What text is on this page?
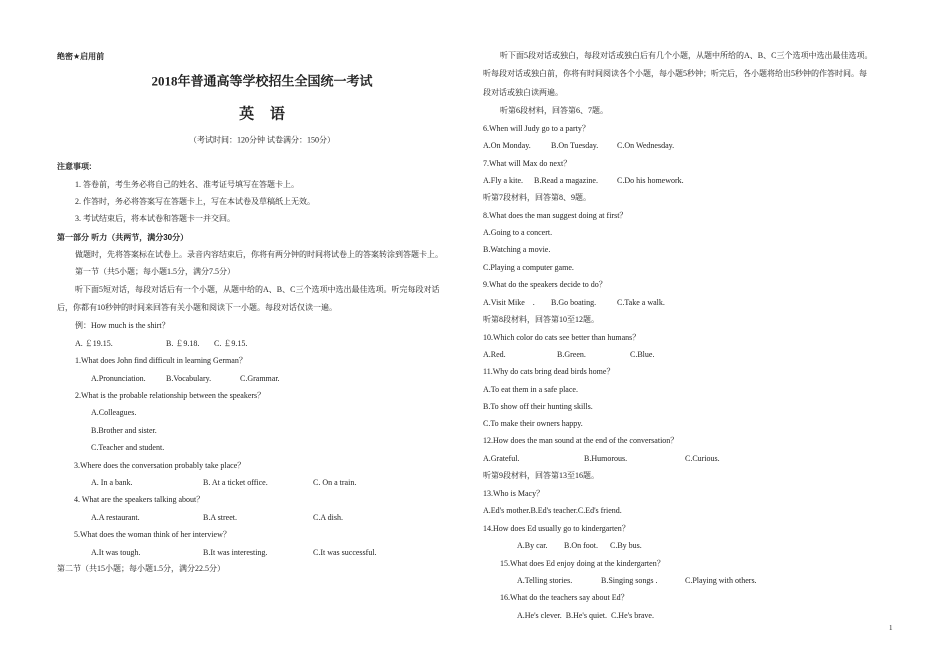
绝密★启用前
2018年普通高等学校招生全国统一考试
英 语
（考试时间：120分钟 试卷满分：150分）
注意事项:
1. 答卷前，考生务必将自己的姓名、准考证号填写在答题卡上。
2. 作答时，务必将答案写在答题卡上，写在本试卷及草稿纸上无效。
3. 考试结束后，将本试卷和答题卡一并交回。
第一部分 听力（共两节，满分30分）
做题时，先将答案标在试卷上。录音内容结束后，你将有两分钟的时间将试卷上的答案转涂到答题卡上。
第一节（共5小题；每小题1.5分，满分7.5分）
听下面5短对话，每段对话后有一个小题，从题中给的A、B、C三个选项中选出最佳选项。听完每段对话
后，你都有10秒钟的时间来回答有关小题和阅读下一小题。每段对话仅读一遍。
例：How much is the shirt？
A. ￡19.15.	B. ￡9.18. C. ￡9.15.
1.What does John find difficult in learning German？
A.Pronunciation.	B.Vocabulary.	C.Grammar.
2.What is the probable relationship between the speakers？
A.Colleagues.
B.Brother and sister.
C.Teacher and student.
3.Where does the conversation probably take place？
A. In a bank.	B. At a ticket office.	C. On a train.
4. What are the speakers talking about？
A.A restaurant.	B.A street.	C.A dish.
5.What does the woman think of her interview？
A.It was tough.	B.It was interesting.	C.It was successful.
第二节（共15小题；每小题1.5分，满分22.5分）
听下面5段对话或独白，每段对话或独白后有几个小题，从题中所给的A、B、C三个选项中选出最佳选项。
听每段对话或独白前，你将有时间阅读各个小题，每小题5秒钟；听完后，各小题将给出5秒钟的作答时间。每
段对话或独白读两遍。
听第6段材料，回答第6、7题。
6.When will Judy go to a party？
A.On Monday.	B.On Tuesday. C.On Wednesday.
7.What will Max do next？
A.Fly a kite. B.Read a magazine. C.Do his homework.
听第7段材料，回答第8、9题。
8.What does the man suggest doing at first？
A.Going to a concert.
B.Watching a movie.
C.Playing a computer game.
9.What do the speakers decide to do？
A.Visit Mike    . B.Go boating.	C.Take a walk.
听第8段材料，回答第10至12题。
10.Which color do cats see better than humans？
A.Red.	B.Green.	C.Blue.
11.Why do cats bring dead birds home？
A.To eat them in a safe place.
B.To show off their hunting skills.
C.To make their owners happy.
12.How does the man sound at the end of the conversation？
A.Grateful.	B.Humorous.	C.Curious.
听第9段材料，回答第13至16题。
13.Who is Macy？
A.Ed's mother.B.Ed's teacher.C.Ed's friend.
14.How does Ed usually go to kindergarten？
A.By car. B.On foot. C.By bus.
15.What does Ed enjoy doing at the kindergarten？
A.Telling stories.	B.Singing songs .	C.Playing with others.
16.What do the teachers say about Ed？
A.He's clever.  B.He's quiet.  C.He's brave.
1
